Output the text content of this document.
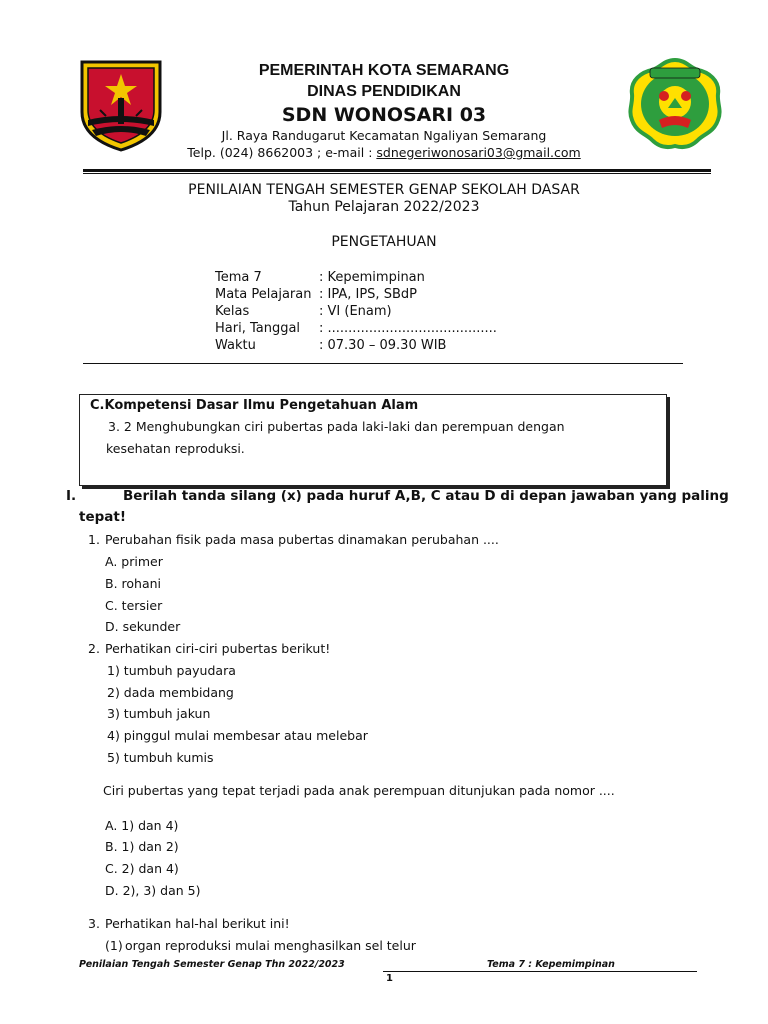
PEMERINTAH KOTA SEMARANG
DINAS PENDIDIKAN
SDN WONOSARI 03
Jl. Raya Randugarut Kecamatan Ngaliyan Semarang
Telp. (024) 8662003 ; e-mail : sdnegeriwonosari03@gmail.com
PENILAIAN TENGAH SEMESTER GENAP SEKOLAH DASAR
Tahun Pelajaran 2022/2023
PENGETAHUAN
Tema 7	: Kepemimpinan
Mata Pelajaran : IPA, IPS, SBdP
Kelas	: VI (Enam)
Hari, Tanggal : .........................................
Waktu	: 07.30 – 09.30 WIB
C.Kompetensi Dasar Ilmu Pengetahuan Alam
3. 2 Menghubungkan ciri pubertas pada laki-laki dan perempuan dengan
kesehatan reproduksi.
I.	Berilah tanda silang (x) pada huruf A,B, C atau D di depan jawaban yang paling
tepat!
1. Perubahan fisik pada masa pubertas dinamakan perubahan ....
A. primer
B. rohani
C. tersier
D. sekunder
2. Perhatikan ciri-ciri pubertas berikut!
1) tumbuh payudara
2) dada membidang
3) tumbuh jakun
4) pinggul mulai membesar atau melebar
5) tumbuh kumis
Ciri pubertas yang tepat terjadi pada anak perempuan ditunjukan pada nomor ....
A. 1) dan 4)
B. 1) dan 2)
C. 2) dan 4)
D. 2), 3) dan 5)
3. Perhatikan hal-hal berikut ini!
(1) organ reproduksi mulai menghasilkan sel telur
Penilaian Tengah Semester Genap Thn 2022/2023	Tema 7 : Kepemimpinan
1
